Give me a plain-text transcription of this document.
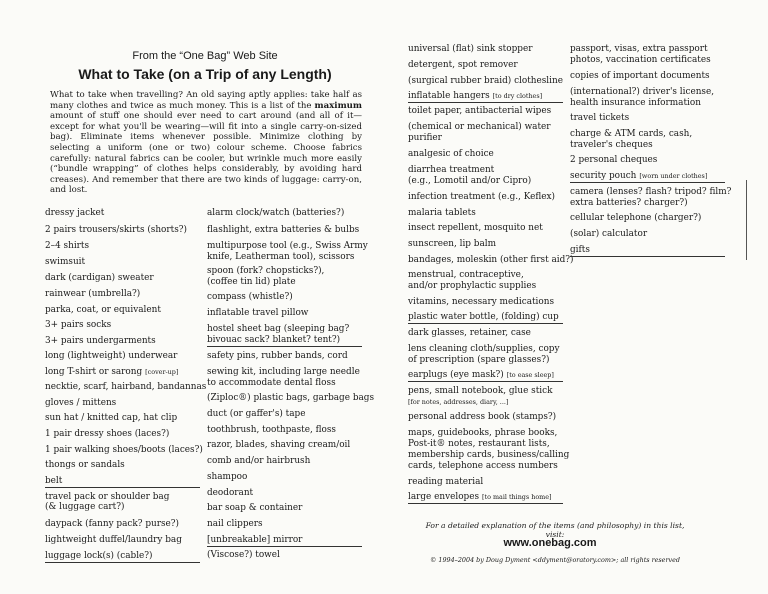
From the “One Bag” Web Site
What to Take (on a Trip of any Length)

What to take when travelling? An old saying aptly applies: take half as many clothes and twice as much money. This is a list of the maximum amount of stuff one should ever need to cart around (and all of it—except for what you'll be wearing—will fit into a single carry-on-sized bag). Eliminate items whenever possible. Minimize clothing by selecting a uniform (one or two) colour scheme. Choose fabrics carefully: natural fabrics can be cooler, but wrinkle much more easily (“bundle wrapping” of clothes helps considerably, by avoiding hard creases). And remember that there are two kinds of luggage: carry-on, and lost.

dressy jacket
2 pairs trousers/skirts (shorts?)
2–4 shirts
swimsuit
dark (cardigan) sweater
rainwear (umbrella?)
parka, coat, or equivalent
3+ pairs socks
3+ pairs undergarments
long (lightweight) underwear
long T-shirt or sarong [cover-up]
necktie, scarf, hairband, bandannas
gloves / mittens
sun hat / knitted cap, hat clip
1 pair dressy shoes (laces?)
1 pair walking shoes/boots (laces?)
thongs or sandals
belt
travel pack or shoulder bag
(& luggage cart?)
daypack (fanny pack? purse?)
lightweight duffel/laundry bag
luggage lock(s) (cable?)
alarm clock/watch (batteries?)
flashlight, extra batteries & bulbs
multipurpose tool (e.g., Swiss Army
knife, Leatherman tool), scissors
spoon (fork? chopsticks?),
(coffee tin lid) plate
compass (whistle?)
inflatable travel pillow
hostel sheet bag (sleeping bag?
bivouac sack? blanket? tent?)
safety pins, rubber bands, cord
sewing kit, including large needle
to accommodate dental floss
(Ziploc®) plastic bags, garbage bags
duct (or gaffer's) tape
toothbrush, toothpaste, floss
razor, blades, shaving cream/oil
comb and/or hairbrush
shampoo
deodorant
bar soap & container
nail clippers
[unbreakable] mirror
(Viscose?) towel
universal (flat) sink stopper
detergent, spot remover
(surgical rubber braid) clothesline
inflatable hangers [to dry clothes]
toilet paper, antibacterial wipes
(chemical or mechanical) water
purifier
analgesic of choice
diarrhea treatment
(e.g., Lomotil and/or Cipro)
infection treatment (e.g., Keflex)
malaria tablets
insect repellent, mosquito net
sunscreen, lip balm
bandages, moleskin (other first aid?)
menstrual, contraceptive,
and/or prophylactic supplies
vitamins, necessary medications
plastic water bottle, (folding) cup
dark glasses, retainer, case
lens cleaning cloth/supplies, copy
of prescription (spare glasses?)
earplugs (eye mask?) [to ease sleep]
pens, small notebook, glue stick
[for notes, addresses, diary, ...]
personal address book (stamps?)
maps, guidebooks, phrase books,
Post-it® notes, restaurant lists,
membership cards, business/calling
cards, telephone access numbers
reading material
large envelopes [to mail things home]
passport, visas, extra passport
photos, vaccination certificates
copies of important documents
(international?) driver's license,
health insurance information
travel tickets
charge & ATM cards, cash,
traveler's cheques
2 personal cheques
security pouch [worn under clothes]
camera (lenses? flash? tripod? film?
extra batteries? charger?)
cellular telephone (charger?)
(solar) calculator
gifts
For a detailed explanation of the items (and philosophy) in this list, visit:
www.onebag.com
© 1994–2004 by Doug Dyment <ddyment@oratory.com>; all rights reserved
